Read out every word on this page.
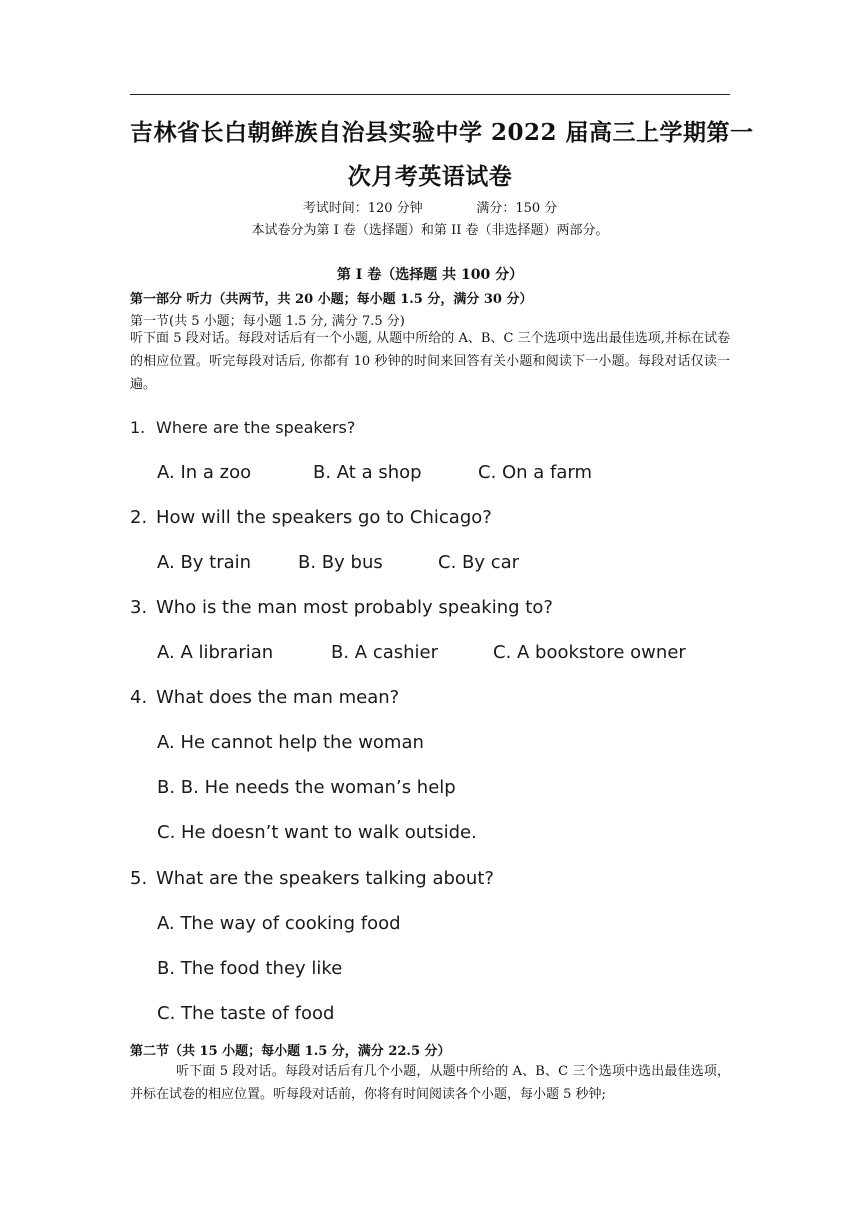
吉林省长白朝鲜族自治县实验中学 2022 届高三上学期第一
次月考英语试卷
考试时间：120 分钟             满分：150 分
本试卷分为第 I 卷（选择题）和第 II 卷（非选择题）两部分。
第 I 卷（选择题 共 100 分）
第一部分 听力（共两节，共 20 小题；每小题 1.5 分，满分 30 分）
第一节(共 5 小题；每小题 1.5 分, 满分 7.5 分)
听下面 5 段对话。每段对话后有一个小题, 从题中所给的 A、B、C 三个选项中选出最佳选项,并标在试卷的相应位置。听完每段对话后, 你都有 10 秒钟的时间来回答有关小题和阅读下一小题。每段对话仅读一遍。
1. Where are the speakers?
A. In a zoo	B. At a shop	C. On a farm
2. How will the speakers go to Chicago?
A. By train	B. By bus	C. By car
3. Who is the man most probably speaking to?
A. A librarian	B. A cashier	C. A bookstore owner
4. What does the man mean?
A. He cannot help the woman
B. B. He needs the woman’s help
C. He doesn’t want to walk outside.
5. What are the speakers talking about?
A. The way of cooking food
B. The food they like
C. The taste of food
第二节（共 15 小题；每小题 1.5 分，满分 22.5 分）
听下面 5 段对话。每段对话后有几个小题，从题中所给的 A、B、C 三个选项中选出最佳选项，并标在试卷的相应位置。听每段对话前，你将有时间阅读各个小题，每小题 5 秒钟;
